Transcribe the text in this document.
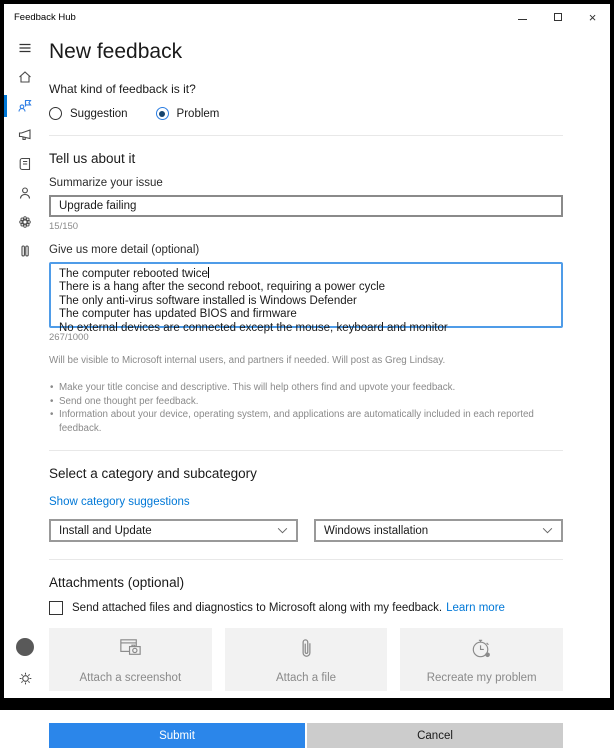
Feedback Hub	×
New feedback
What kind of feedback is it?
Suggestion	Problem
Tell us about it
Summarize your issue
Upgrade failing
15/150
Give us more detail (optional)
The computer rebooted twice
There is a hang after the second reboot, requiring a power cycle
The only anti-virus software installed is Windows Defender
The computer has updated BIOS and firmware
No external devices are connected except the mouse, keyboard and monitor
267/1000
Will be visible to Microsoft internal users, and partners if needed. Will post as Greg Lindsay.
• Make your title concise and descriptive. This will help others find and upvote your feedback.
• Send one thought per feedback.
• Information about your device, operating system, and applications are automatically included in each reported feedback.
Select a category and subcategory
Show category suggestions
Install and Update	Windows installation
Attachments (optional)
Send attached files and diagnostics to Microsoft along with my feedback. Learn more
Attach a screenshot	Attach a file	Recreate my problem
Submit	Cancel
